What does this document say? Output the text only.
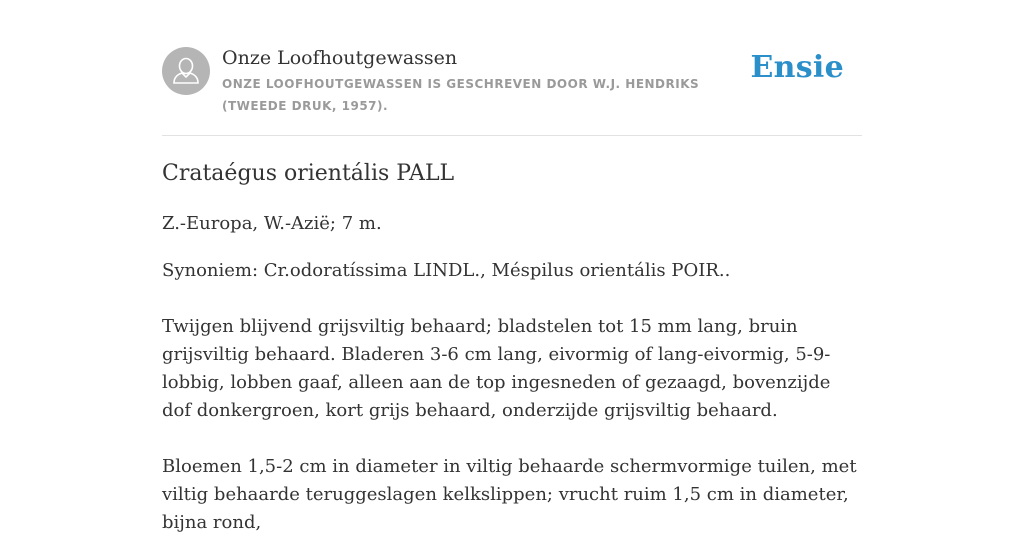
Onze Loofhoutgewassen
ONZE LOOFHOUTGEWASSEN IS GESCHREVEN DOOR W.J. HENDRIKS (TWEEDE DRUK, 1957).
Ensie
Crataégus orientális PALL

Z.-Europa, W.-Azië; 7 m.

Synoniem: Cr.odoratíssima LINDL., Méspilus orientális POIR..

Twijgen blijvend grijsviltig behaard; bladstelen tot 15 mm lang, bruin grijsviltig behaard. Bladeren 3-6 cm lang, eivormig of lang-eivormig, 5-9-lobbig, lobben gaaf, alleen aan de top ingesneden of gezaagd, bovenzijde dof donkergroen, kort grijs behaard, onderzijde grijsviltig behaard.

Bloemen 1,5-2 cm in diameter in viltig behaarde schermvormige tuilen, met viltig behaarde teruggeslagen kelkslippen; vrucht ruim 1,5 cm in diameter, bijna rond,
